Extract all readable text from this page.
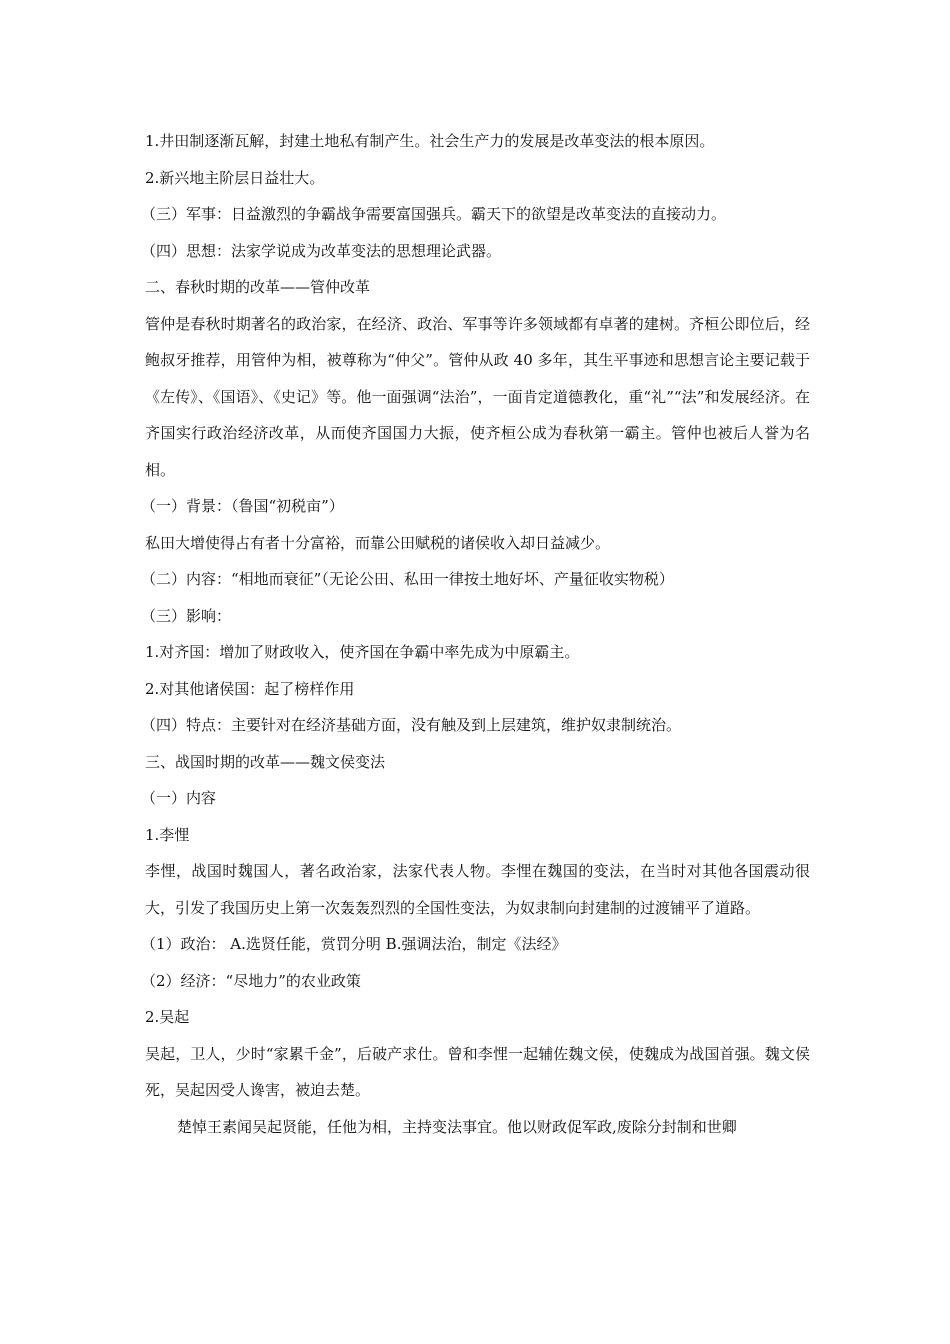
1.井田制逐渐瓦解，封建土地私有制产生。社会生产力的发展是改革变法的根本原因。
2.新兴地主阶层日益壮大。
（三）军事：日益激烈的争霸战争需要富国强兵。霸天下的欲望是改革变法的直接动力。
（四）思想：法家学说成为改革变法的思想理论武器。
二、春秋时期的改革——管仲改革
管仲是春秋时期著名的政治家，在经济、政治、军事等许多领域都有卓著的建树。齐桓公即位后，经鲍叔牙推荐，用管仲为相，被尊称为“仲父”。管仲从政 40 多年，其生平事迹和思想言论主要记载于《左传》、《国语》、《史记》等。他一面强调“法治”，一面肯定道德教化，重“礼”“法”和发展经济。在齐国实行政治经济改革，从而使齐国国力大振，使齐桓公成为春秋第一霸主。管仲也被后人誉为名相。
（一）背景：（鲁国“初税亩”）
私田大增使得占有者十分富裕，而靠公田赋税的诸侯收入却日益减少。
（二）内容：“相地而衰征”（无论公田、私田一律按土地好坏、产量征收实物税）
（三）影响：
1.对齐国：增加了财政收入，使齐国在争霸中率先成为中原霸主。
2.对其他诸侯国：起了榜样作用
（四）特点：主要针对在经济基础方面，没有触及到上层建筑，维护奴隶制统治。
三、战国时期的改革——魏文侯变法
（一）内容
1.李悝
李悝，战国时魏国人，著名政治家，法家代表人物。李悝在魏国的变法，在当时对其他各国震动很大，引发了我国历史上第一次轰轰烈烈的全国性变法，为奴隶制向封建制的过渡铺平了道路。
（1）政治： A.选贤任能，赏罚分明 B.强调法治，制定《法经》
（2）经济：“尽地力”的农业政策
2.吴起
吴起，卫人，少时“家累千金”，后破产求仕。曾和李悝一起辅佐魏文侯，使魏成为战国首强。魏文侯死，吴起因受人谗害，被迫去楚。
楚悼王素闻吴起贤能，任他为相，主持变法事宜。他以财政促军政,废除分封制和世卿
